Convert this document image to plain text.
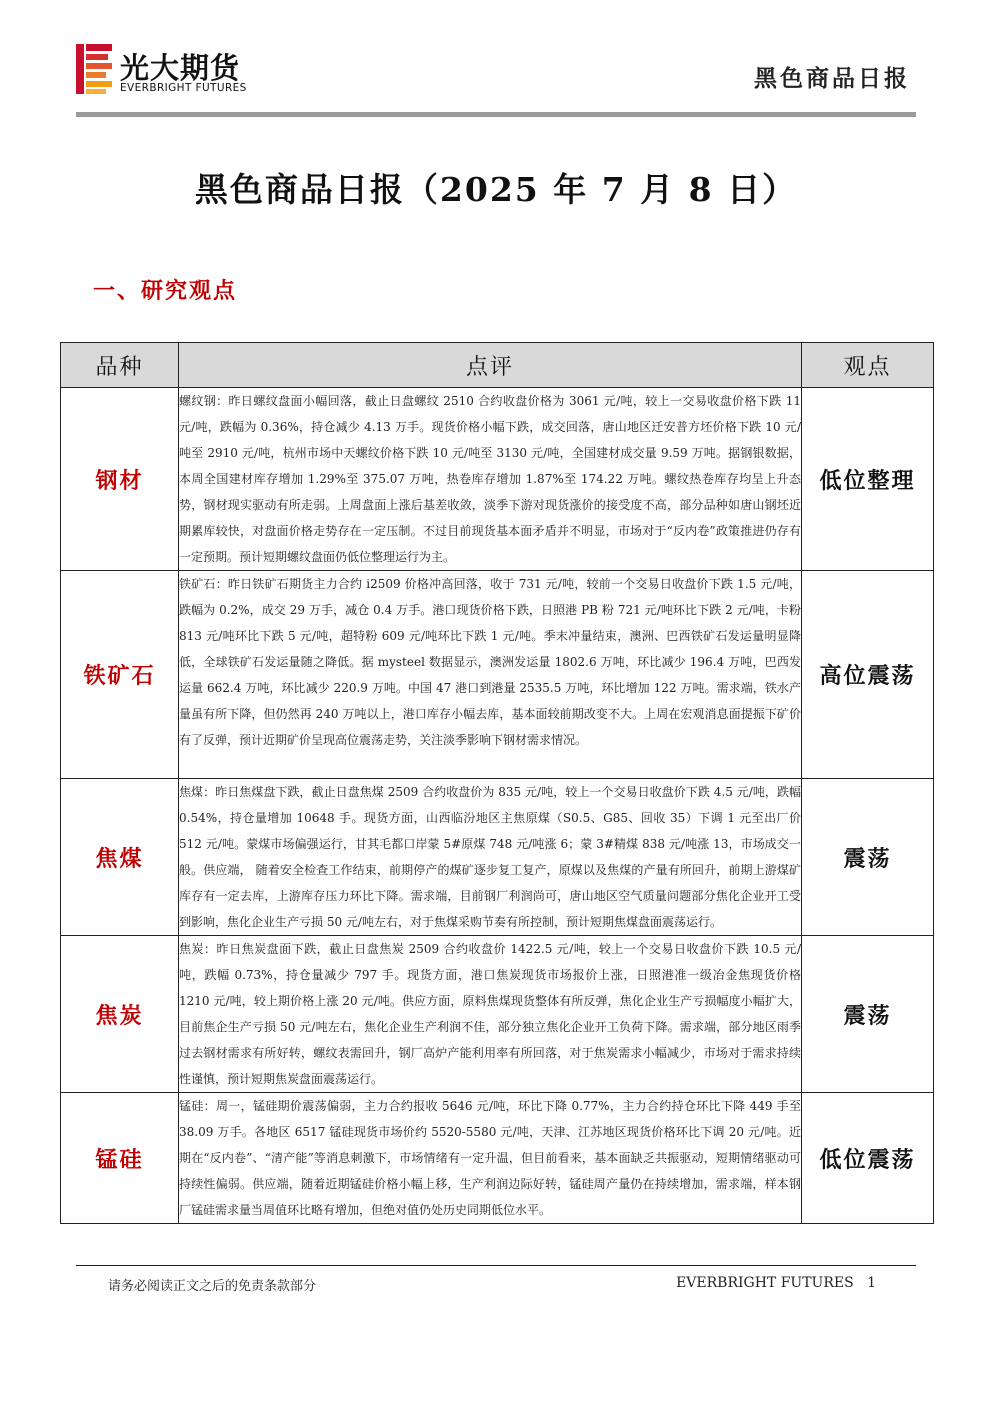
光大期货
EVERBRIGHT FUTURES	黑色商品日报
黑色商品日报（2025 年 7 月 8 日）
一、研究观点
品种	点评	观点
钢材	螺纹钢：昨日螺纹盘面小幅回落，截止日盘螺纹 2510 合约收盘价格为 3061 元/吨，较上一交易收盘价格下跌 11 元/吨，跌幅为 0.36%，持仓减少 4.13 万手。现货价格小幅下跌，成交回落，唐山地区迁安普方坯价格下跌 10 元/吨至 2910 元/吨，杭州市场中天螺纹价格下跌 10 元/吨至 3130 元/吨，全国建材成交量 9.59 万吨。据钢银数据，本周全国建材库存增加 1.29%至 375.07 万吨，热卷库存增加 1.87%至 174.22 万吨。螺纹热卷库存均呈上升态势，钢材现实驱动有所走弱。上周盘面上涨后基差收敛，淡季下游对现货涨价的接受度不高，部分品种如唐山钢坯近期累库较快，对盘面价格走势存在一定压制。不过目前现货基本面矛盾并不明显，市场对于“反内卷”政策推进仍存有一定预期。预计短期螺纹盘面仍低位整理运行为主。	低位整理
铁矿石	铁矿石：昨日铁矿石期货主力合约 i2509 价格冲高回落，收于 731 元/吨，较前一个交易日收盘价下跌 1.5 元/吨，跌幅为 0.2%，成交 29 万手，减仓 0.4 万手。港口现货价格下跌，日照港 PB 粉 721 元/吨环比下跌 2 元/吨，卡粉 813 元/吨环比下跌 5 元/吨，超特粉 609 元/吨环比下跌 1 元/吨。季末冲量结束，澳洲、巴西铁矿石发运量明显降低，全球铁矿石发运量随之降低。据 mysteel 数据显示，澳洲发运量 1802.6 万吨，环比减少 196.4 万吨，巴西发运量 662.4 万吨，环比减少 220.9 万吨。中国 47 港口到港量 2535.5 万吨，环比增加 122 万吨。需求端，铁水产量虽有所下降，但仍然再 240 万吨以上，港口库存小幅去库，基本面较前期改变不大。上周在宏观消息面提振下矿价有了反弹，预计近期矿价呈现高位震荡走势，关注淡季影响下钢材需求情况。	高位震荡
焦煤	焦煤：昨日焦煤盘下跌，截止日盘焦煤 2509 合约收盘价为 835 元/吨，较上一个交易日收盘价下跌 4.5 元/吨，跌幅 0.54%，持仓量增加 10648 手。现货方面，山西临汾地区主焦原煤（S0.5、G85、回收 35）下调 1 元至出厂价 512 元/吨。蒙煤市场偏强运行，甘其毛都口岸蒙 5#原煤 748 元/吨涨 6；蒙 3#精煤 838 元/吨涨 13，市场成交一般。供应端， 随着安全检查工作结束，前期停产的煤矿逐步复工复产，原煤以及焦煤的产量有所回升，前期上游煤矿库存有一定去库，上游库存压力环比下降。需求端，目前钢厂利润尚可，唐山地区空气质量问题部分焦化企业开工受到影响，焦化企业生产亏损 50 元/吨左右，对于焦煤采购节奏有所控制，预计短期焦煤盘面震荡运行。	震荡
焦炭	焦炭：昨日焦炭盘面下跌，截止日盘焦炭 2509 合约收盘价 1422.5 元/吨，较上一个交易日收盘价下跌 10.5 元/吨，跌幅 0.73%，持仓量减少 797 手。现货方面，港口焦炭现货市场报价上涨，日照港准一级冶金焦现货价格 1210 元/吨，较上期价格上涨 20 元/吨。供应方面，原料焦煤现货整体有所反弹，焦化企业生产亏损幅度小幅扩大，目前焦企生产亏损 50 元/吨左右，焦化企业生产利润不佳，部分独立焦化企业开工负荷下降。需求端，部分地区雨季过去钢材需求有所好转，螺纹表需回升，钢厂高炉产能利用率有所回落，对于焦炭需求小幅减少，市场对于需求持续性谨慎，预计短期焦炭盘面震荡运行。	震荡
锰硅	锰硅：周一，锰硅期价震荡偏弱，主力合约报收 5646 元/吨，环比下降 0.77%，主力合约持仓环比下降 449 手至 38.09 万手。各地区 6517 锰硅现货市场价约 5520-5580 元/吨，天津、江苏地区现货价格环比下调 20 元/吨。近期在“反内卷”、“清产能”等消息刺激下，市场情绪有一定升温，但目前看来，基本面缺乏共振驱动，短期情绪驱动可持续性偏弱。供应端，随着近期锰硅价格小幅上移，生产利润边际好转，锰硅周产量仍在持续增加，需求端，样本钢厂锰硅需求量当周值环比略有增加，但绝对值仍处历史同期低位水平。	低位震荡
请务必阅读正文之后的免责条款部分	EVERBRIGHT FUTURES 1
